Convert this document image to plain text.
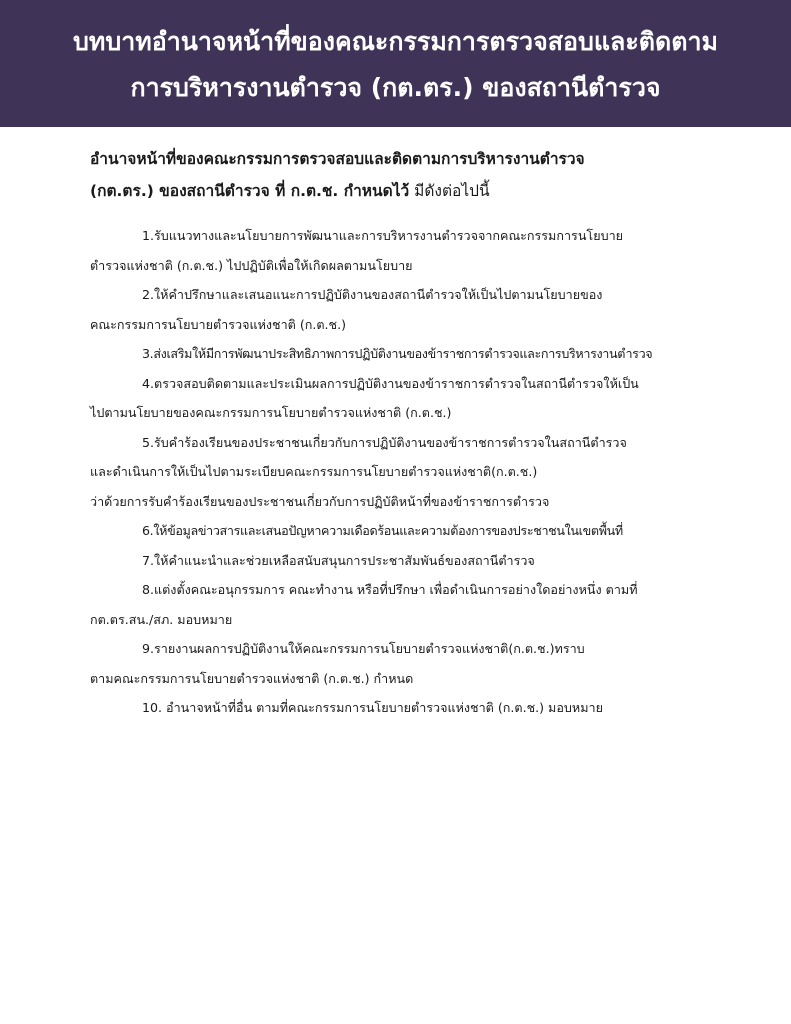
บทบาทอำนาจหน้าที่ของคณะกรรมการตรวจสอบและติดตาม
การบริหารงานตำรวจ (กต.ตร.) ของสถานีตำรวจ
อำนาจหน้าที่ของคณะกรรมการตรวจสอบและติดตามการบริหารงานตำรวจ
(กต.ตร.) ของสถานีตำรวจ ที่ ก.ต.ช. กำหนดไว้ มีดังต่อไปนี้
1.รับแนวทางและนโยบายการพัฒนาและการบริหารงานตำรวจจากคณะกรรมการนโยบาย
ตำรวจแห่งชาติ (ก.ต.ช.) ไปปฏิบัติเพื่อให้เกิดผลตามนโยบาย
2.ให้คำปรึกษาและเสนอแนะการปฏิบัติงานของสถานีตำรวจให้เป็นไปตามนโยบายของ
คณะกรรมการนโยบายตำรวจแห่งชาติ (ก.ต.ช.)
3.ส่งเสริมให้มีการพัฒนาประสิทธิภาพการปฏิบัติงานของข้าราชการตำรวจและการบริหารงานตำรวจ
4.ตรวจสอบติดตามและประเมินผลการปฏิบัติงานของข้าราชการตำรวจในสถานีตำรวจให้เป็น
ไปตามนโยบายของคณะกรรมการนโยบายตำรวจแห่งชาติ (ก.ต.ช.)
5.รับคำร้องเรียนของประชาชนเกี่ยวกับการปฏิบัติงานของข้าราชการตำรวจในสถานีตำรวจ
และดำเนินการให้เป็นไปตามระเบียบคณะกรรมการนโยบายตำรวจแห่งชาติ(ก.ต.ช.)
ว่าด้วยการรับคำร้องเรียนของประชาชนเกี่ยวกับการปฏิบัติหน้าที่ของข้าราชการตำรวจ
6.ให้ข้อมูลข่าวสารและเสนอปัญหาความเดือดร้อนและความต้องการของประชาชนในเขตพื้นที่
7.ให้คำแนะนำและช่วยเหลือสนับสนุนการประชาสัมพันธ์ของสถานีตำรวจ
8.แต่งตั้งคณะอนุกรรมการ คณะทำงาน หรือที่ปรึกษา เพื่อดำเนินการอย่างใดอย่างหนึ่ง ตามที่
กต.ตร.สน./สภ. มอบหมาย
9.รายงานผลการปฏิบัติงานให้คณะกรรมการนโยบายตำรวจแห่งชาติ(ก.ต.ช.)ทราบ
ตามคณะกรรมการนโยบายตำรวจแห่งชาติ (ก.ต.ช.) กำหนด
10. อำนาจหน้าที่อื่น ตามที่คณะกรรมการนโยบายตำรวจแห่งชาติ (ก.ต.ช.) มอบหมาย
